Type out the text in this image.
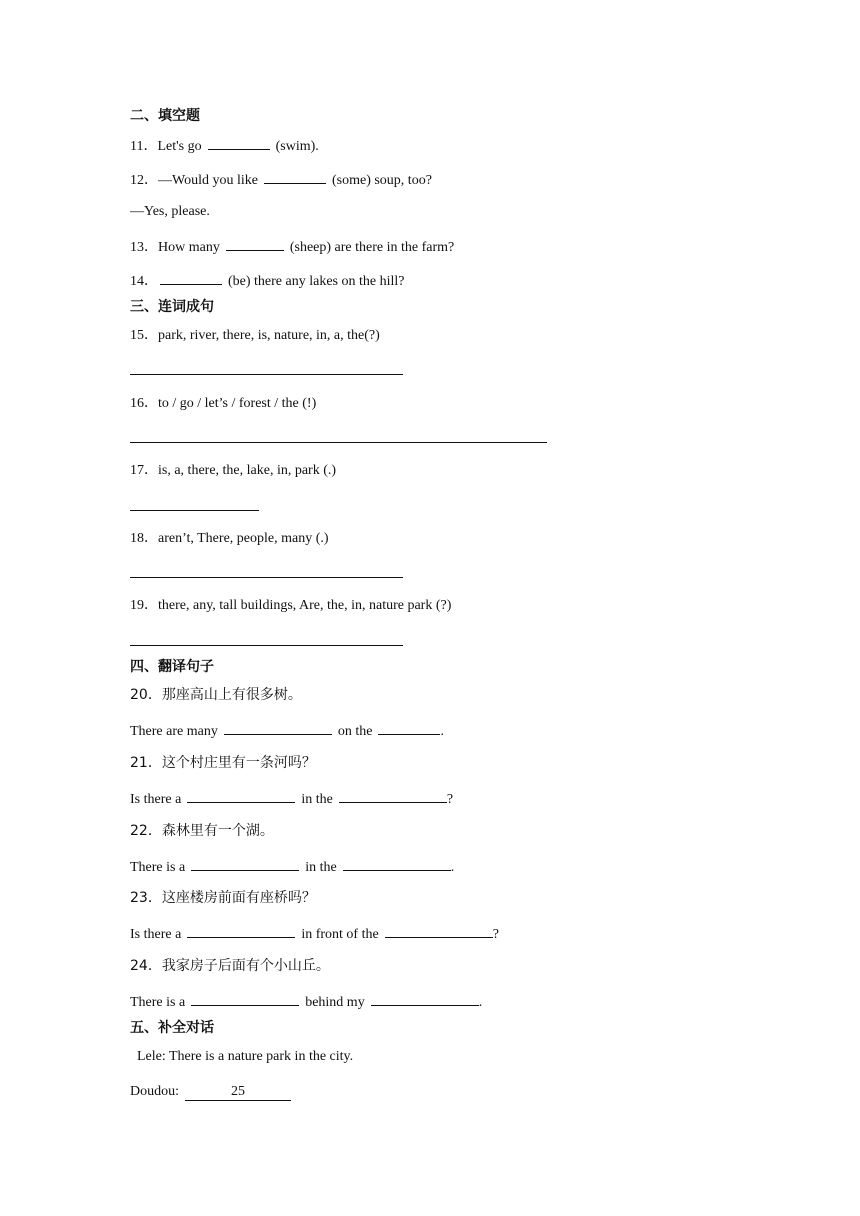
二、填空题
11．Let's go	(swim).
12．—Would you like	(some) soup, too?
—Yes, please.
13．How many	(sheep) are there in the farm?
14．	(be) there any lakes on the hill?
三、连词成句
15．park, river, there, is, nature, in, a, the(?)
16．to / go / let’s / forest / the (!)
17．is, a, there, the, lake, in, park (.)
18．aren’t, There, people, many (.)
19．there, any, tall buildings, Are, the, in, nature park (?)
四、翻译句子
20．那座高山上有很多树。
There are many	on the	.
21．这个村庄里有一条河吗？
Is there a	in the	?
22．森林里有一个湖。
There is a	in the	.
23．这座楼房前面有座桥吗？
Is there a	in front of the	?
24．我家房子后面有个小山丘。
There is a	behind my	.
五、补全对话
Lele: There is a nature park in the city.
Doudou:	25
